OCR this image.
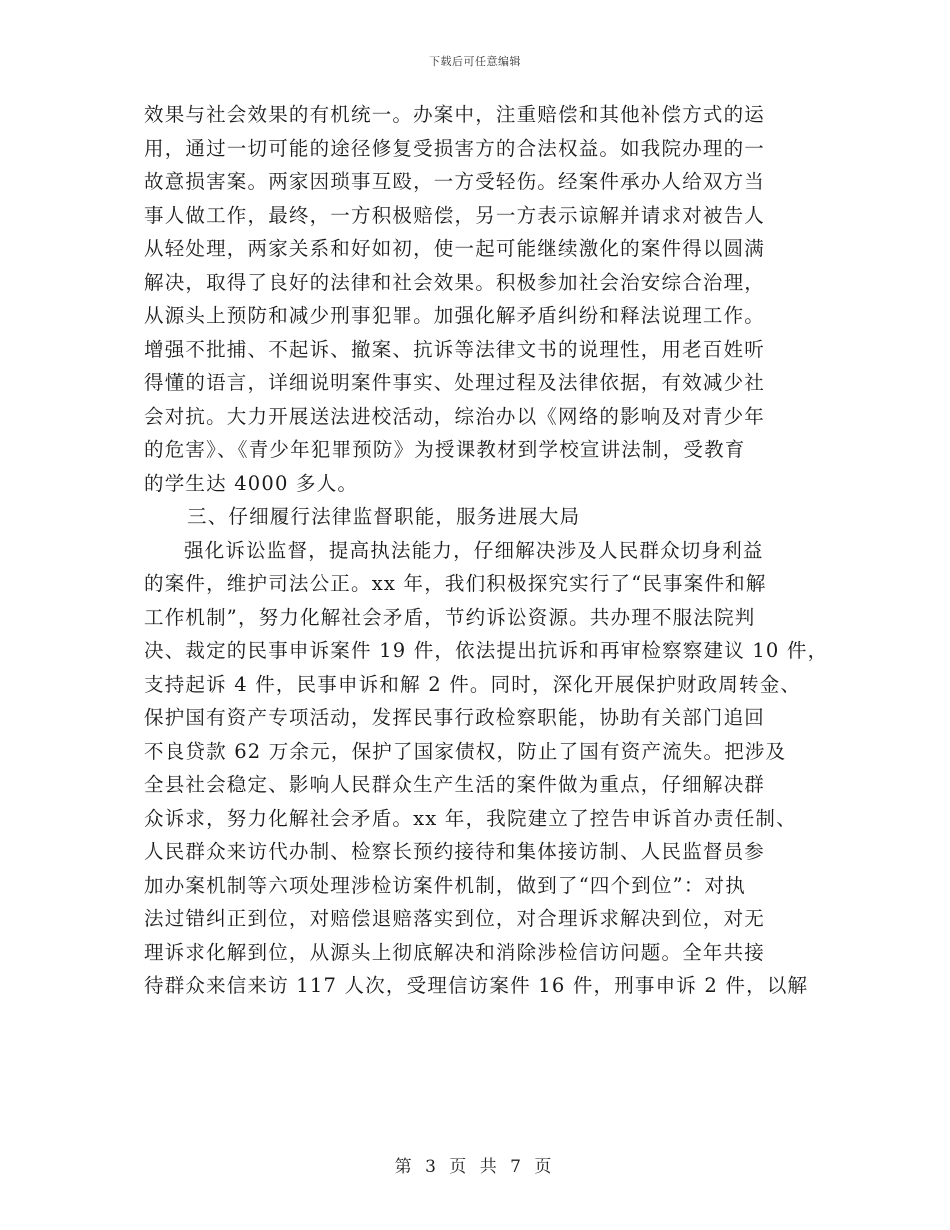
下载后可任意编辑
效果与社会效果的有机统一。办案中，注重赔偿和其他补偿方式的运
用，通过一切可能的途径修复受损害方的合法权益。如我院办理的一
故意损害案。两家因琐事互殴，一方受轻伤。经案件承办人给双方当
事人做工作，最终，一方积极赔偿，另一方表示谅解并请求对被告人
从轻处理，两家关系和好如初，使一起可能继续激化的案件得以圆满
解决，取得了良好的法律和社会效果。积极参加社会治安综合治理，
从源头上预防和减少刑事犯罪。加强化解矛盾纠纷和释法说理工作。
增强不批捕、不起诉、撤案、抗诉等法律文书的说理性，用老百姓听
得懂的语言，详细说明案件事实、处理过程及法律依据，有效减少社
会对抗。大力开展送法进校活动，综治办以《网络的影响及对青少年
的危害》、《青少年犯罪预防》为授课教材到学校宣讲法制，受教育
的学生达 4000 多人。
三、仔细履行法律监督职能，服务进展大局
强化诉讼监督，提高执法能力，仔细解决涉及人民群众切身利益
的案件，维护司法公正。xx 年，我们积极探究实行了“民事案件和解
工作机制”，努力化解社会矛盾，节约诉讼资源。共办理不服法院判
决、裁定的民事申诉案件 19 件，依法提出抗诉和再审检察察建议 10 件，
支持起诉 4 件，民事申诉和解 2 件。同时，深化开展保护财政周转金、
保护国有资产专项活动，发挥民事行政检察职能，协助有关部门追回
不良贷款 62 万余元，保护了国家债权，防止了国有资产流失。把涉及
全县社会稳定、影响人民群众生产生活的案件做为重点，仔细解决群
众诉求，努力化解社会矛盾。xx 年，我院建立了控告申诉首办责任制、
人民群众来访代办制、检察长预约接待和集体接访制、人民监督员参
加办案机制等六项处理涉检访案件机制，做到了“四个到位”：对执
法过错纠正到位，对赔偿退赔落实到位，对合理诉求解决到位，对无
理诉求化解到位，从源头上彻底解决和消除涉检信访问题。全年共接
待群众来信来访 117 人次，受理信访案件 16 件，刑事申诉 2 件，以解
第 3 页 共 7 页
